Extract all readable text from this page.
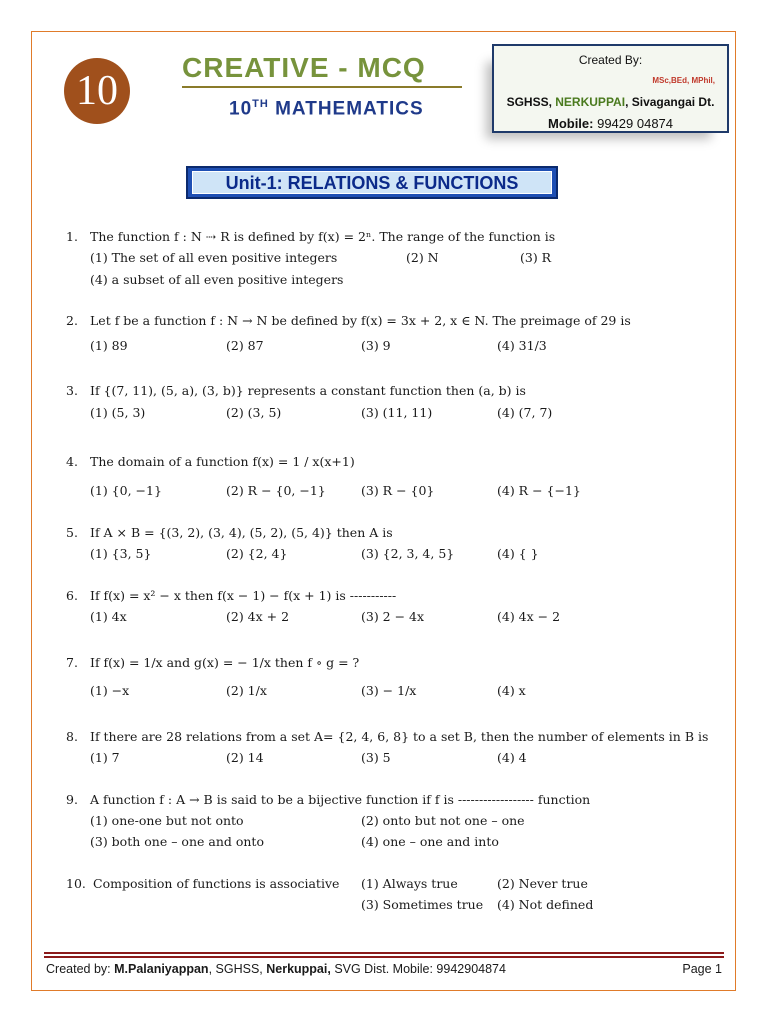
10
CREATIVE - MCQ
10TH MATHEMATICS
Created By:
MSc,BEd, MPhil,
SGHSS, NERKUPPAI, Sivagangai Dt.
Mobile: 99429 04874
Unit-1: RELATIONS & FUNCTIONS
1. The function f : N ⇢ R is defined by f(x) = 2ⁿ. The range of the function is
(1) The set of all even positive integers	(2) N	(3) R
(4) a subset of all even positive integers
2. Let f be a function f : N → N be defined by f(x) = 3x + 2, x ∈ N. The preimage of 29 is
(1) 89	(2) 87	(3) 9	(4) 31/3
3. If {(7, 11), (5, a), (3, b)} represents a constant function then (a, b) is
(1) (5, 3)	(2) (3, 5)	(3) (11, 11)	(4) (7, 7)
4. The domain of a function f(x) = 1 / x(x+1)
(1) {0, −1}	(2) R − {0, −1}	(3) R − {0}	(4) R − {−1}
5. If A × B = {(3, 2), (3, 4), (5, 2), (5, 4)} then A is
(1) {3, 5}	(2) {2, 4}	(3) {2, 3, 4, 5}	(4) { }
6. If f(x) = x² − x then f(x − 1) − f(x + 1) is -----------
(1) 4x	(2) 4x + 2	(3) 2 − 4x	(4) 4x − 2
7. If f(x) = 1/x and g(x) = − 1/x then f ∘ g = ?
(1) −x	(2) 1/x	(3) − 1/x	(4) x
8. If there are 28 relations from a set A= {2, 4, 6, 8} to a set B, then the number of elements in B is
(1) 7	(2) 14	(3) 5	(4) 4
9. A function f : A → B is said to be a bijective function if f is ------------------ function
(1) one-one but not onto	(2) onto but not one – one
(3) both one – one and onto	(4) one – one and into
10. Composition of functions is associative (1) Always true	(2) Never true
(3) Sometimes true (4) Not defined
Created by: M.Palaniyappan, SGHSS, Nerkuppai, SVG Dist. Mobile: 9942904874	Page 1
